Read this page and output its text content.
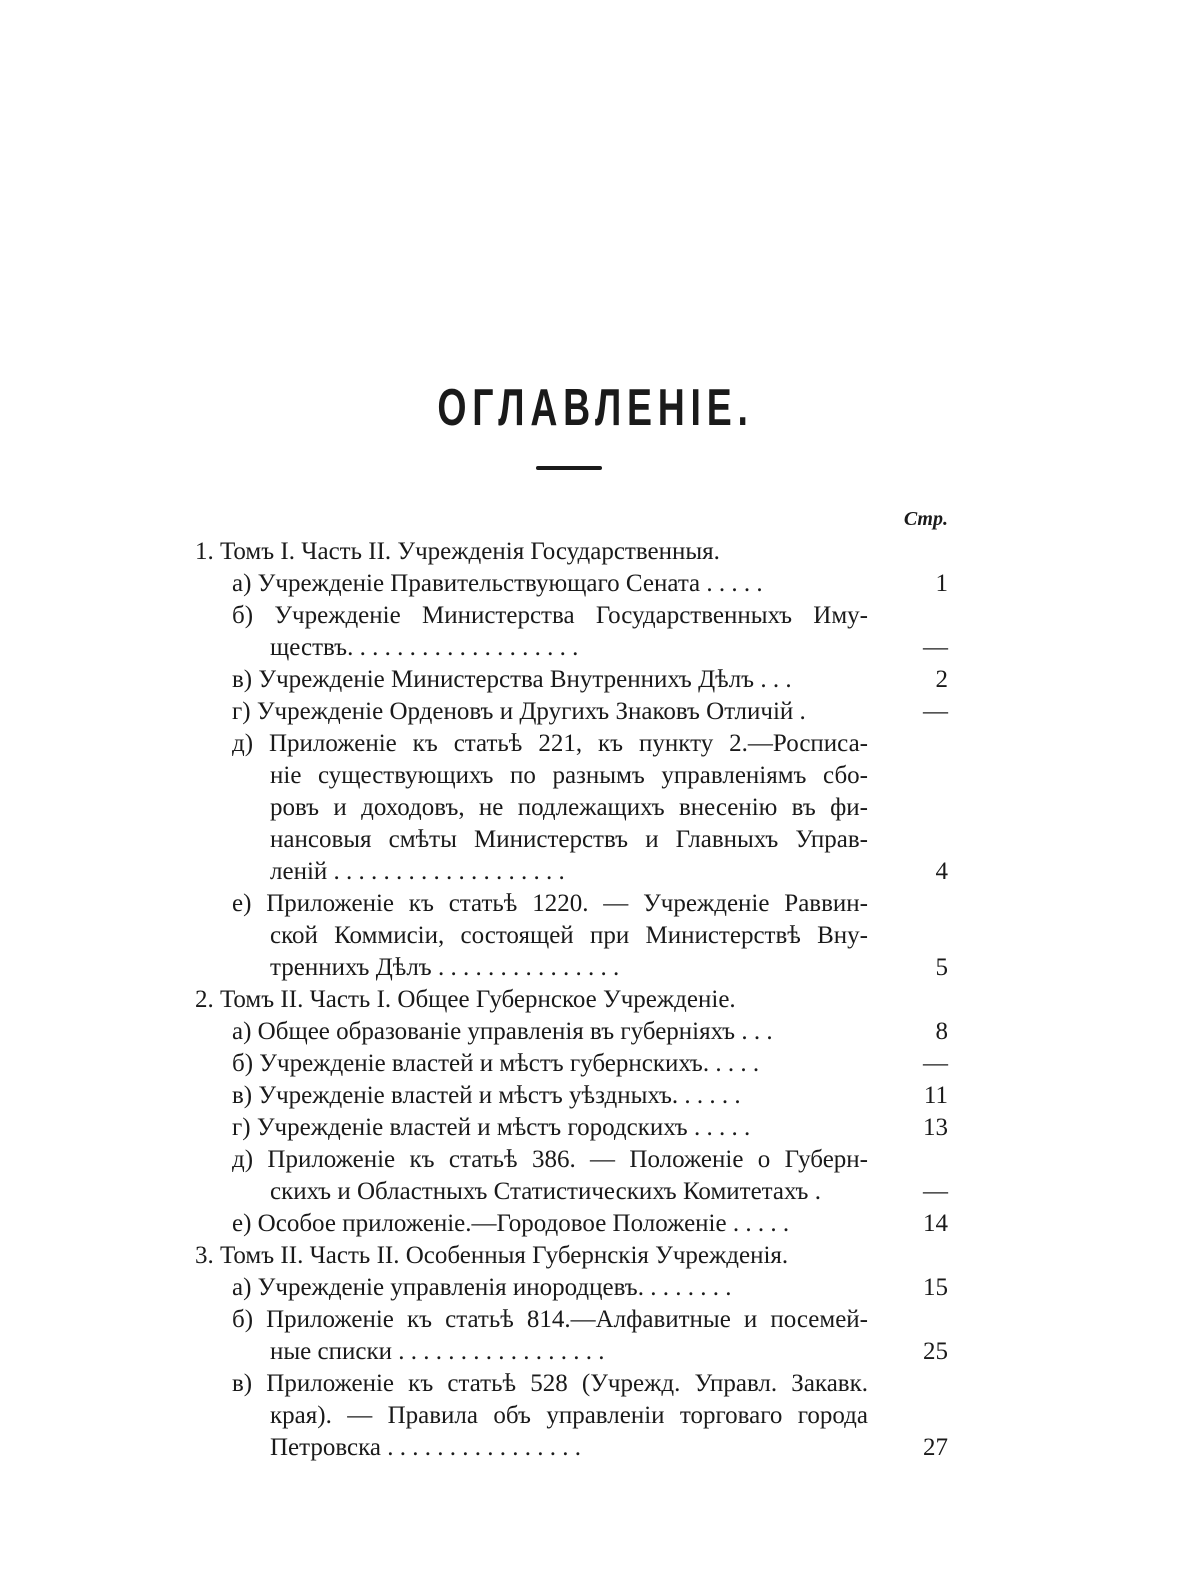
ОГЛАВЛЕНІЕ.
Стр.
1. Томъ I. Часть II. Учрежденія Государственныя.
а) Учрежденіе Правительствующаго Сената . . . . .	1
б) Учрежденіе Министерства Государственныхъ Иму-
ществъ. . . . . . . . . . . . . . . . . . .	—
в) Учрежденіе Министерства Внутреннихъ Дѣлъ . . .	2
г) Учрежденіе Орденовъ и Другихъ Знаковъ Отличій .	—
д) Приложеніе къ статьѣ 221, къ пункту 2.—Росписа-
ніе существующихъ по разнымъ управленіямъ сбо-
ровъ и доходовъ, не подлежащихъ внесенію въ фи-
нансовыя смѣты Министерствъ и Главныхъ Управ-
леній . . . . . . . . . . . . . . . . . . .	4
е) Приложеніе къ статьѣ 1220. — Учрежденіе Раввин-
ской Коммисіи, состоящей при Министерствѣ Вну-
треннихъ Дѣлъ . . . . . . . . . . . . . . .	5
2. Томъ II. Часть I. Общее Губернское Учрежденіе.
а) Общее образованіе управленія въ губерніяхъ . . .	8
б) Учрежденіе властей и мѣстъ губернскихъ. . . . .	—
в) Учрежденіе властей и мѣстъ уѣздныхъ. . . . . .	11
г) Учрежденіе властей и мѣстъ городскихъ . . . . .	13
д) Приложеніе къ статьѣ 386. — Положеніе о Губерн-
скихъ и Областныхъ Статистическихъ Комитетахъ .	—
е) Особое приложеніе.—Городовое Положеніе . . . . .	14
3. Томъ II. Часть II. Особенныя Губернскія Учрежденія.
а) Учрежденіе управленія инородцевъ. . . . . . . .	15
б) Приложеніе къ статьѣ 814.—Алфавитные и посемей-
ные списки . . . . . . . . . . . . . . . . .	25
в) Приложеніе къ статьѣ 528 (Учрежд. Управл. Закавк.
края). — Правила объ управленіи торговаго города
Петровска . . . . . . . . . . . . . . . .	27
